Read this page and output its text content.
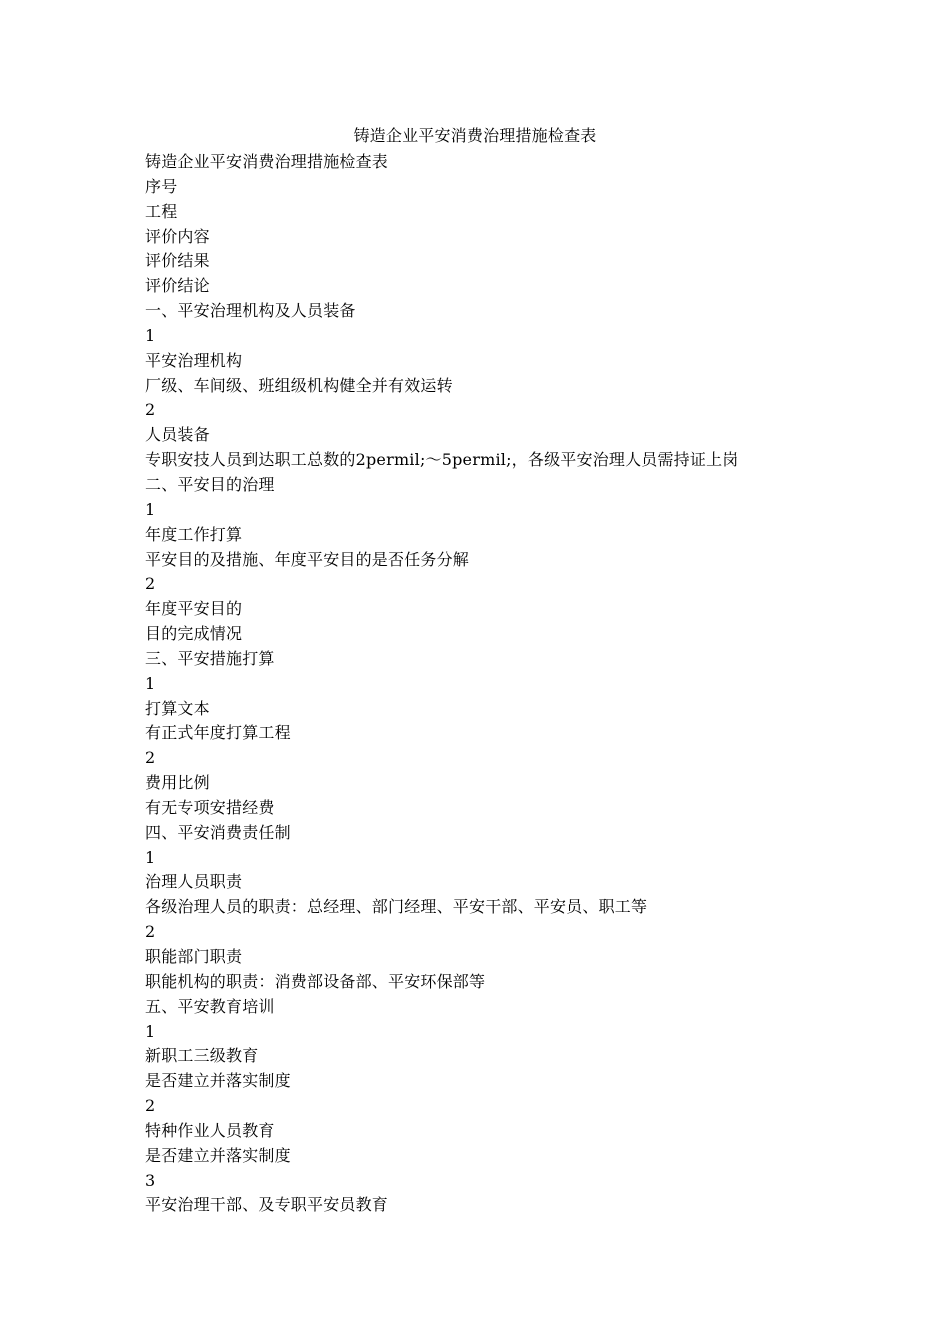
铸造企业平安消费治理措施检查表
铸造企业平安消费治理措施检查表
序号
工程
评价内容
评价结果
评价结论
一、平安治理机构及人员装备
1
平安治理机构
厂级、车间级、班组级机构健全并有效运转
2
人员装备
专职安技人员到达职工总数的2permil;～5permil;，各级平安治理人员需持证上岗
二、平安目的治理
1
年度工作打算
平安目的及措施、年度平安目的是否任务分解
2
年度平安目的
目的完成情况
三、平安措施打算
1
打算文本
有正式年度打算工程
2
费用比例
有无专项安措经费
四、平安消费责任制
1
治理人员职责
各级治理人员的职责：总经理、部门经理、平安干部、平安员、职工等
2
职能部门职责
职能机构的职责：消费部设备部、平安环保部等
五、平安教育培训
1
新职工三级教育
是否建立并落实制度
2
特种作业人员教育
是否建立并落实制度
3
平安治理干部、及专职平安员教育
